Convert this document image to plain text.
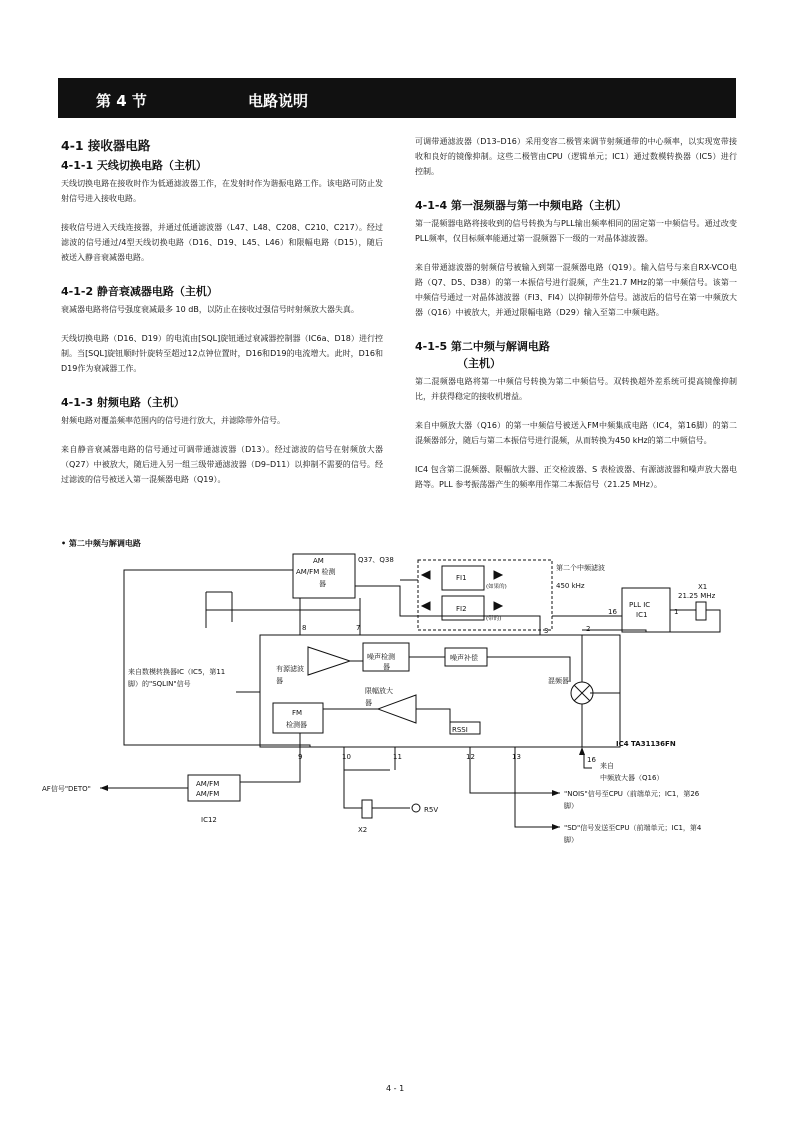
第 4 节	电路说明
4-1 接收器电路
4-1-1 天线切换电路（主机）

天线切换电路在接收时作为低通滤波器工作，在发射时作为谐振电路工作。该电路可防止发射信号进入接收电路。

接收信号进入天线连接器，并通过低通滤波器（L47、L48、C208、C210、C217）。经过滤波的信号通过/4型天线切换电路（D16、D19、L45、L46）和限幅电路（D15），随后被送入静音衰减器电路。

4-1-2 静音衰减器电路（主机）

衰减器电路将信号强度衰减最多 10 dB，以防止在接收过强信号时射频放大器失真。

天线切换电路（D16、D19）的电流由[SQL]旋钮通过衰减器控制器（IC6a、D18）进行控制。当[SQL]旋钮顺时针旋转至超过12点钟位置时，D16和D19的电流增大。此时，D16和D19作为衰减器工作。

4-1-3 射频电路（主机）

射频电路对覆盖频率范围内的信号进行放大，并滤除带外信号。

来自静音衰减器电路的信号通过可调带通滤波器（D13）。经过滤波的信号在射频放大器（Q27）中被放大，随后进入另一组三级带通滤波器（D9–D11）以抑制不需要的信号。经过滤波的信号被送入第一混频器电路（Q19）。

可调带通滤波器（D13–D16）采用变容二极管来调节射频通带的中心频率，以实现宽带接收和良好的镜像抑制。这些二极管由CPU（逻辑单元；IC1）通过数模转换器（IC5）进行控制。

4-1-4 第一混频器与第一中频电路（主机）

第一混频器电路将接收到的信号转换为与PLL输出频率相同的固定第一中频信号。通过改变PLL频率，仅目标频率能通过第一混频器下一级的一对晶体滤波器。

来自带通滤波器的射频信号被输入到第一混频器电路（Q19）。输入信号与来自RX-VCO电路（Q7、D5、D38）的第一本振信号进行混频，产生21.7 MHz的第一中频信号。该第一中频信号通过一对晶体滤波器（FI3、FI4）以抑制带外信号。滤波后的信号在第一中频放大器（Q16）中被放大，并通过限幅电路（D29）输入至第二中频电路。

4-1-5 第二中频与解调电路
（主机）

第二混频器电路将第一中频信号转换为第二中频信号。双转换超外差系统可提高镜像抑制比，并获得稳定的接收机增益。

来自中频放大器（Q16）的第一中频信号被送入FM中频集成电路（IC4，第16脚）的第二混频器部分，随后与第二本振信号进行混频，从而转换为450 kHz的第二中频信号。

IC4 包含第二混频器、限幅放大器、正交检波器、S 表检波器、有源滤波器和噪声放大器电路等。PLL 参考振荡器产生的频率用作第二本振信号（21.25 MHz）。

• 第二中频与解调电路
AM
AM/FM 检测
器
Q37、Q38
第二个中频滤波
450 kHz
FI1
(如果的)
FI2
(带的)
PLL IC
IC1
X1
21.25 MHz
16	1
2
3
7
8
9	10	11	12	13
有源滤波
器
噪声检测
器
噪声补偿
混频器
限幅放大
器
FM
检测器
RSSI
IC4 TA31136FN
来自数模转换器IC（IC5，第11
脚）的"SQLIN"信号
16
来自
中频放大器（Q16）
AF信号"DETO"
AM/FM
AM/FM
IC12
X2
R5V
"NOIS"信号至CPU（前端单元；IC1，第26
脚）
"SD"信号发送至CPU（前端单元；IC1，第4
脚）
4 - 1
